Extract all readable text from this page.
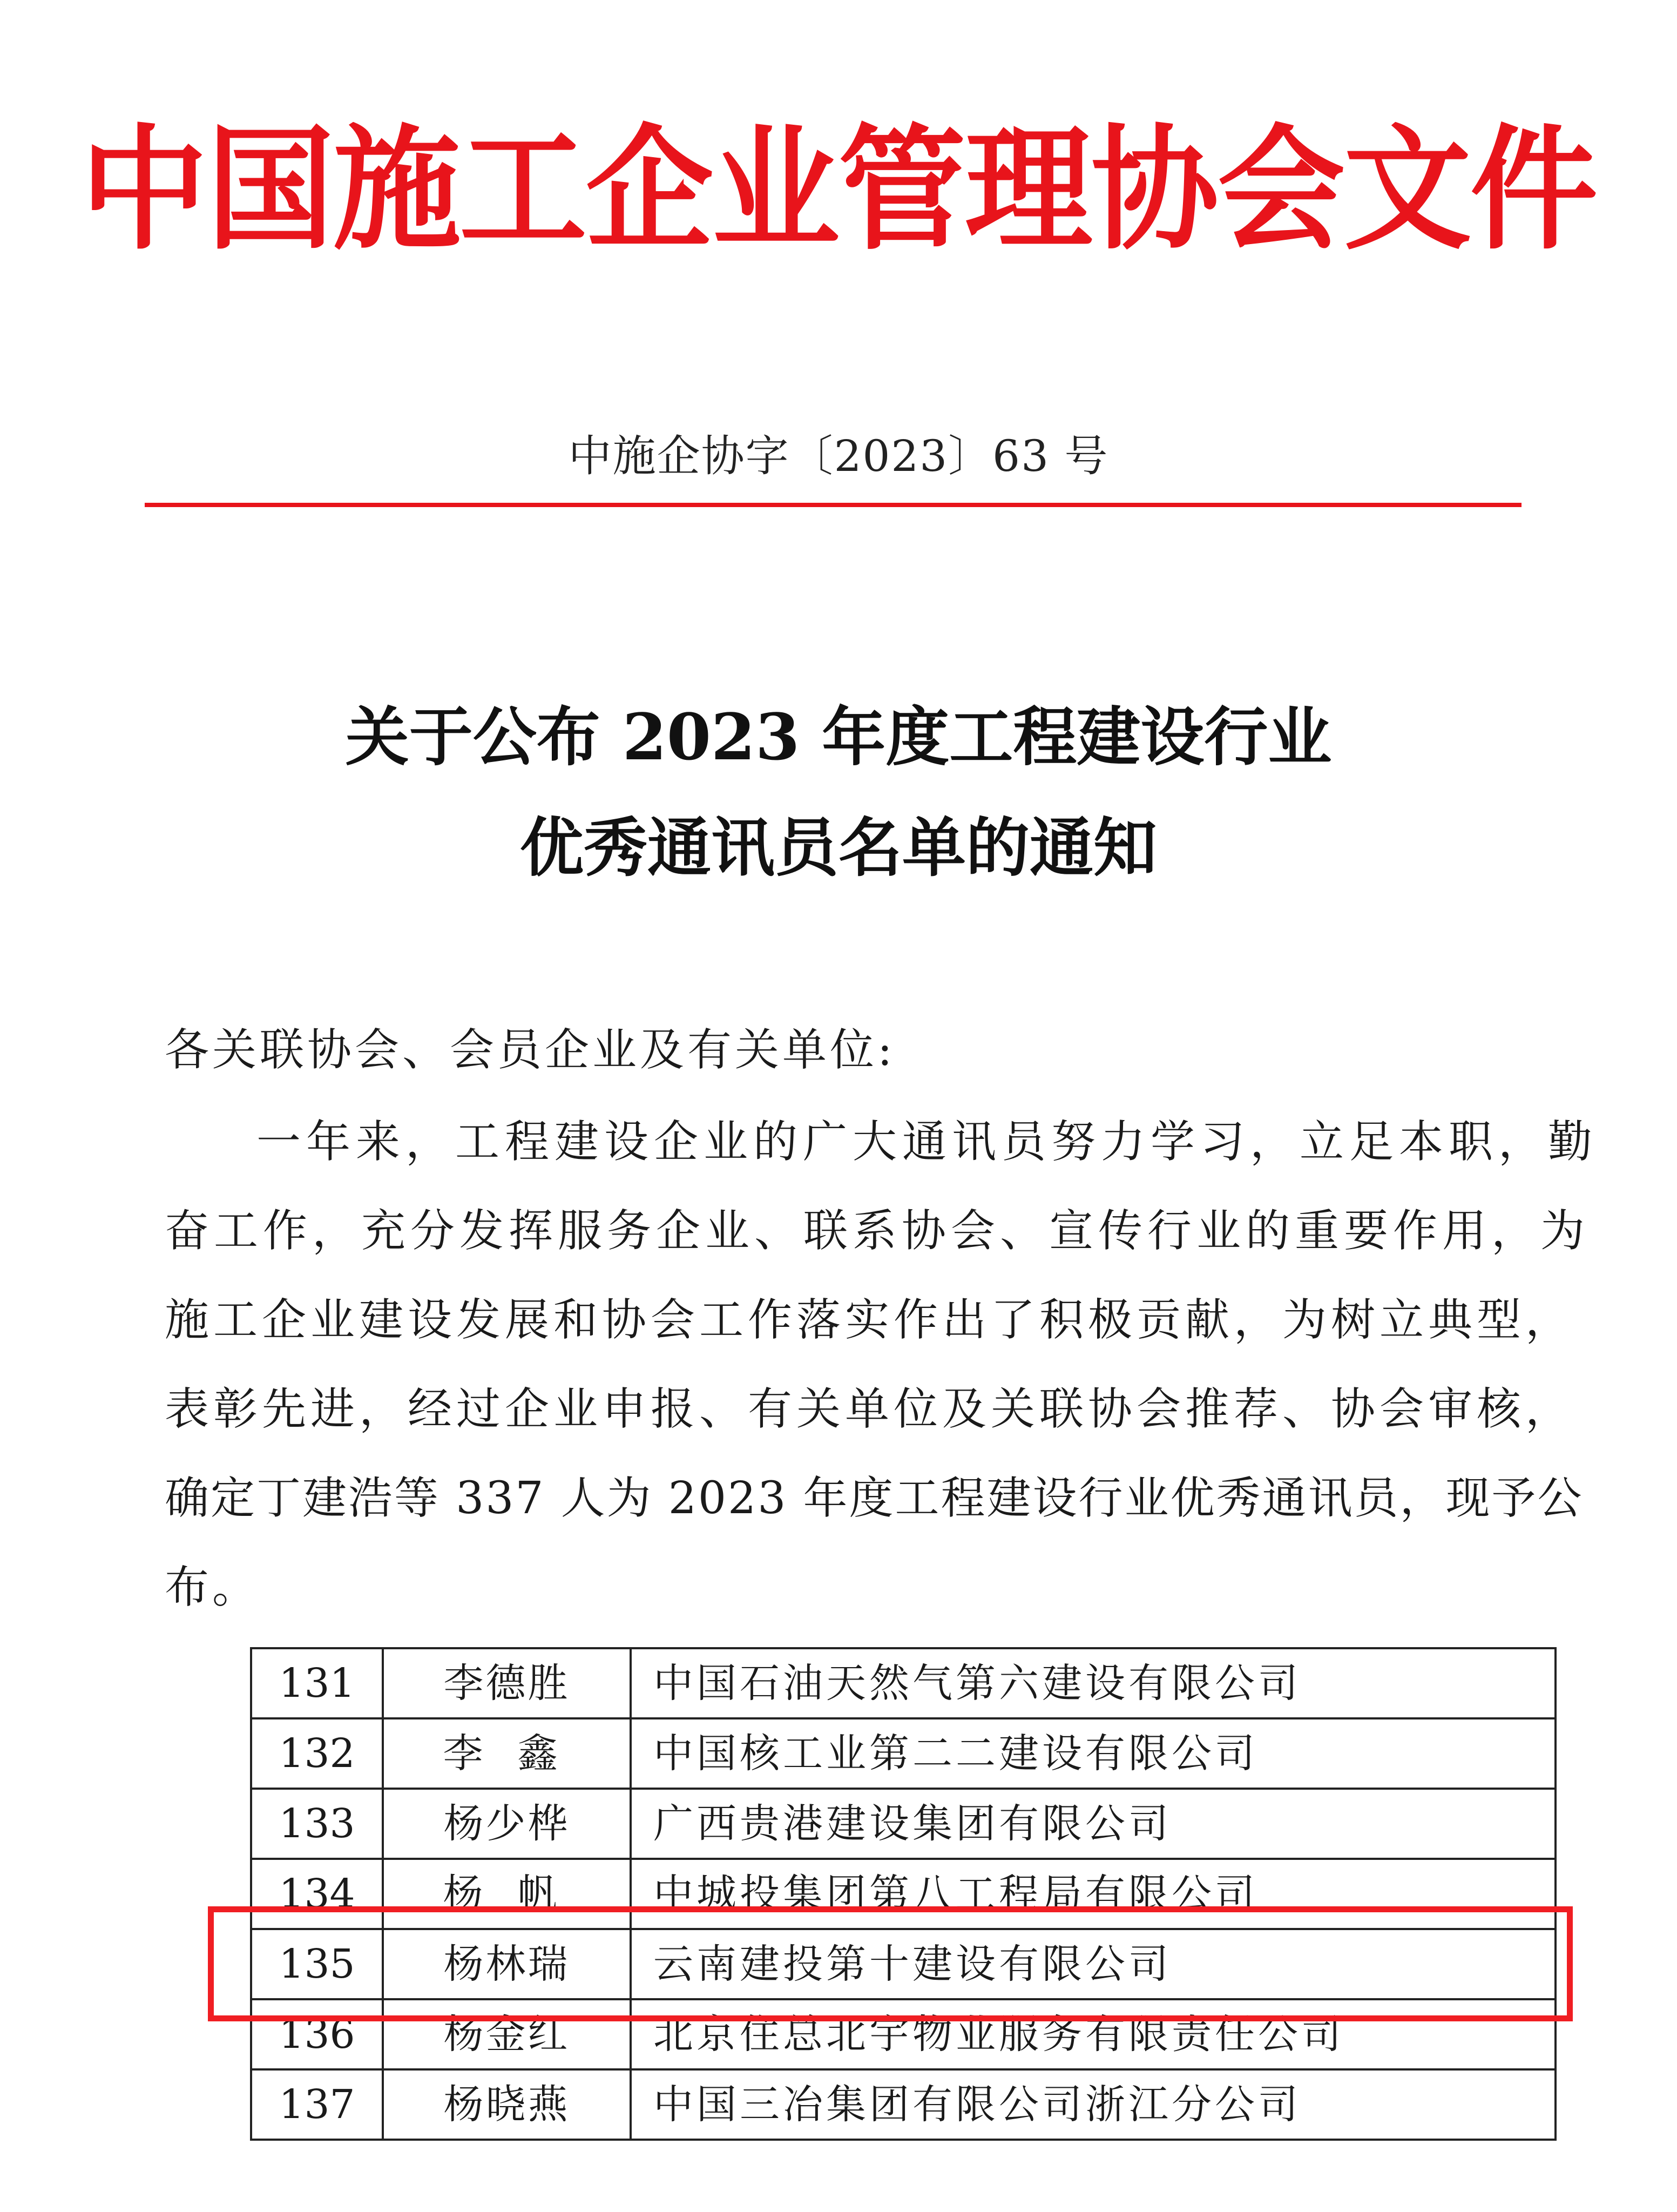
中国施工企业管理协会文件
中施企协字〔2023〕63 号
关于公布 2023 年度工程建设行业
优秀通讯员名单的通知
各关联协会、会员企业及有关单位:
一年来，工程建设企业的广大通讯员努力学习，立足本职，勤
奋工作，充分发挥服务企业、联系协会、宣传行业的重要作用，为
施工企业建设发展和协会工作落实作出了积极贡献，为树立典型，
表彰先进，经过企业申报、有关单位及关联协会推荐、协会审核，
确定丁建浩等 337 人为 2023 年度工程建设行业优秀通讯员，现予公
布。
131	李德胜	中国石油天然气第六建设有限公司
132	李鑫	中国核工业第二二建设有限公司
133	杨少桦	广西贵港建设集团有限公司
134	杨帆	中城投集团第八工程局有限公司
135	杨林瑞	云南建投第十建设有限公司
136	杨金红	北京住总北宇物业服务有限责任公司
137	杨晓燕	中国三冶集团有限公司浙江分公司
